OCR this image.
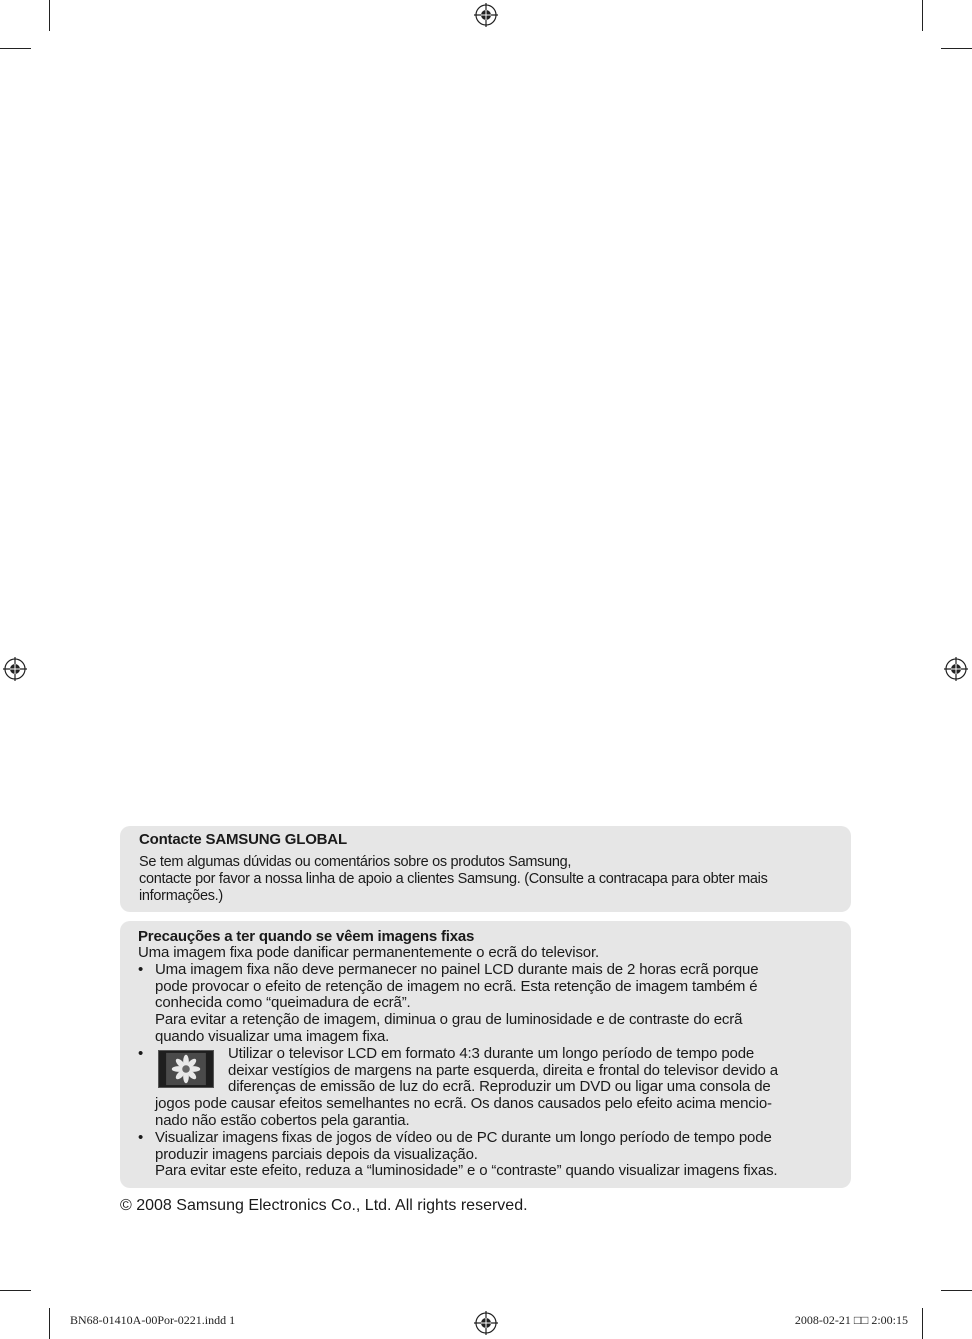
Contacte SAMSUNG GLOBAL

Se tem algumas dúvidas ou comentários sobre os produtos Samsung,

contacte por favor a nossa linha de apoio a clientes Samsung. (Consulte a contracapa para obter mais

informações.)

Precauções a ter quando se vêem imagens fixas

Uma imagem fixa pode danificar permanentemente o ecrã do televisor.

• Uma imagem fixa não deve permanecer no painel LCD durante mais de 2 horas ecrã porque

pode provocar o efeito de retenção de imagem no ecrã. Esta retenção de imagem também é

conhecida como “queimadura de ecrã”.

Para evitar a retenção de imagem, diminua o grau de luminosidade e de contraste do ecrã

quando visualizar uma imagem fixa.

•	Utilizar o televisor LCD em formato 4:3 durante um longo período de tempo pode

deixar vestígios de margens na parte esquerda, direita e frontal do televisor devido a

diferenças de emissão de luz do ecrã. Reproduzir um DVD ou ligar uma consola de

jogos pode causar efeitos semelhantes no ecrã. Os danos causados pelo efeito acima mencio-

nado não estão cobertos pela garantia.

• Visualizar imagens fixas de jogos de vídeo ou de PC durante um longo período de tempo pode

produzir imagens parciais depois da visualização.

Para evitar este efeito, reduza a “luminosidade” e o “contraste” quando visualizar imagens fixas.

© 2008 Samsung Electronics Co., Ltd. All rights reserved.

BN68-01410A-00Por-0221.indd 1	2008-02-21 □□ 2:00:15
